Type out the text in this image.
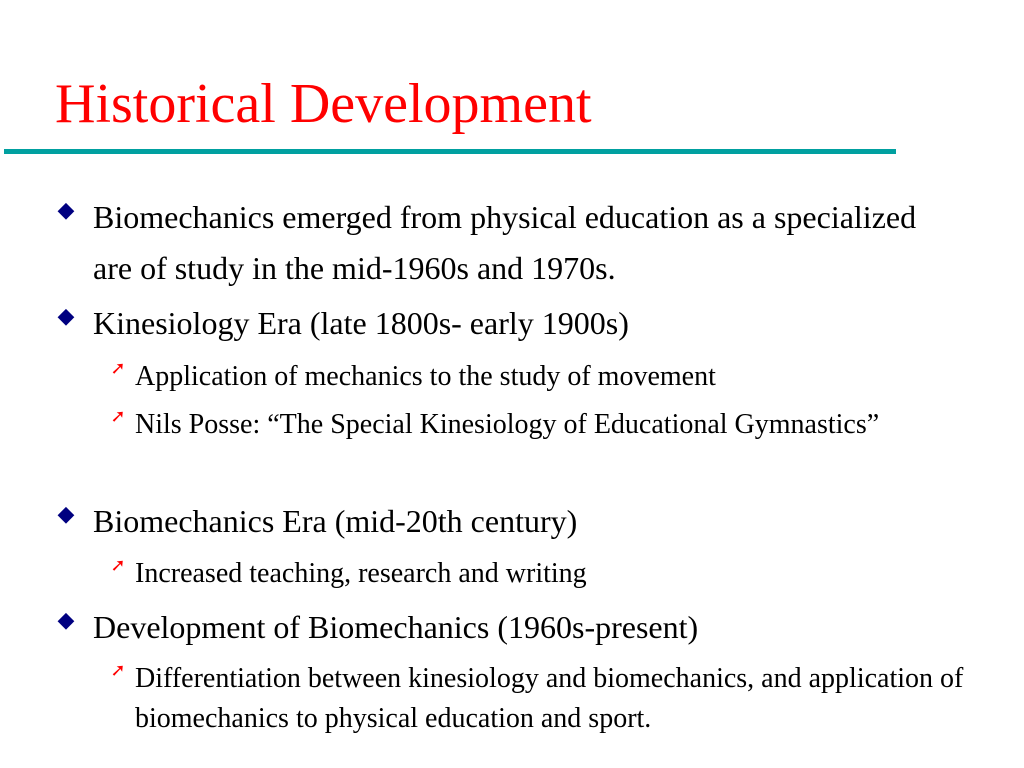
Historical Development
◆ Biomechanics emerged from physical education as a specialized are of study in the mid-1960s and 1970s.
◆ Kinesiology Era (late 1800s- early 1900s)
➚ Application of mechanics to the study of movement
➚ Nils Posse: “The Special Kinesiology of Educational Gymnastics”
◆ Biomechanics Era (mid-20th century)
➚ Increased teaching, research and writing
◆ Development of Biomechanics (1960s-present)
➚ Differentiation between kinesiology and biomechanics, and application of biomechanics to physical education and sport.
